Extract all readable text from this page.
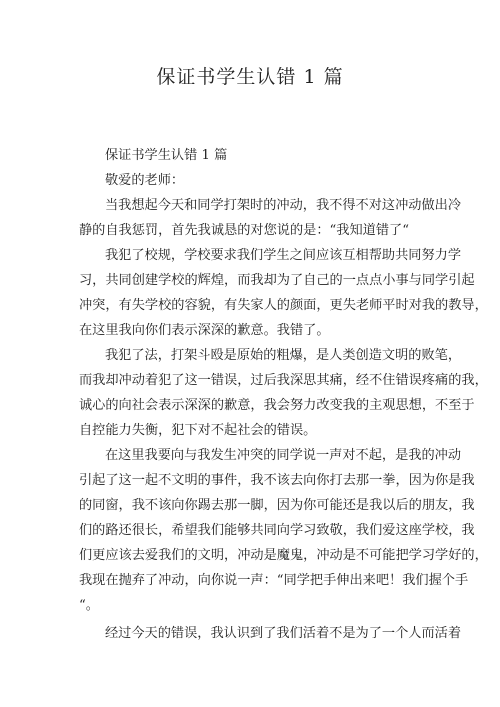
保证书学生认错 1 篇
保证书学生认错 1 篇
敬爱的老师：
当我想起今天和同学打架时的冲动，我不得不对这冲动做出冷
静的自我惩罚，首先我诚恳的对您说的是：“我知道错了“
我犯了校规，学校要求我们学生之间应该互相帮助共同努力学
习，共同创建学校的辉煌，而我却为了自己的一点点小事与同学引起
冲突，有失学校的容貌，有失家人的颜面，更失老师平时对我的教导，
在这里我向你们表示深深的歉意。我错了。
我犯了法，打架斗殴是原始的粗爆，是人类创造文明的败笔，
而我却冲动着犯了这一错误，过后我深思其痛，经不住错误疼痛的我，
诚心的向社会表示深深的歉意，我会努力改变我的主观思想，不至于
自控能力失衡，犯下对不起社会的错误。
在这里我要向与我发生冲突的同学说一声对不起，是我的冲动
引起了这一起不文明的事件，我不该去向你打去那一拳，因为你是我
的同窗，我不该向你踢去那一脚，因为你可能还是我以后的朋友，我
们的路还很长，希望我们能够共同向学习致敬，我们爱这座学校，我
们更应该去爱我们的文明，冲动是魔鬼，冲动是不可能把学习学好的，
我现在抛弃了冲动，向你说一声：“同学把手伸出来吧！我们握个手
“。
经过今天的错误，我认识到了我们活着不是为了一个人而活着
